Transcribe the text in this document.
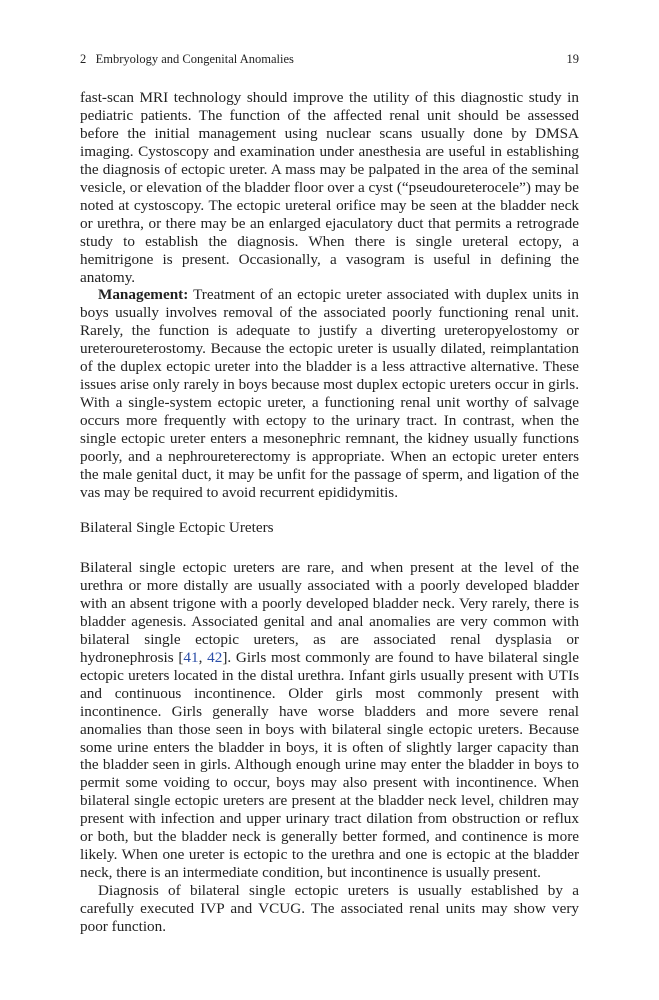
2   Embryology and Congenital Anomalies	19

fast-scan MRI technology should improve the utility of this diagnostic study in pediatric patients. The function of the affected renal unit should be assessed before the initial management using nuclear scans usually done by DMSA imaging. Cystoscopy and examination under anesthesia are useful in establishing the diagnosis of ectopic ureter. A mass may be palpated in the area of the seminal vesicle, or elevation of the bladder floor over a cyst (“pseudoureterocele”) may be noted at cystoscopy. The ectopic ureteral orifice may be seen at the bladder neck or urethra, or there may be an enlarged ejaculatory duct that permits a retrograde study to establish the diagnosis. When there is single ureteral ectopy, a hemitrigone is present. Occasionally, a vasogram is useful in defining the anatomy.

Management: Treatment of an ectopic ureter associated with duplex units in boys usually involves removal of the associated poorly functioning renal unit. Rarely, the function is adequate to justify a diverting ureteropyelostomy or ureteroureterostomy. Because the ectopic ureter is usually dilated, reimplantation of the duplex ectopic ureter into the bladder is a less attractive alternative. These issues arise only rarely in boys because most duplex ectopic ureters occur in girls. With a single-system ectopic ureter, a functioning renal unit worthy of salvage occurs more frequently with ectopy to the urinary tract. In contrast, when the single ectopic ureter enters a mesonephric remnant, the kidney usually functions poorly, and a nephroureterectomy is appropriate. When an ectopic ureter enters the male genital duct, it may be unfit for the passage of sperm, and ligation of the vas may be required to avoid recurrent epididymitis.

Bilateral Single Ectopic Ureters

Bilateral single ectopic ureters are rare, and when present at the level of the urethra or more distally are usually associated with a poorly developed bladder with an absent trigone with a poorly developed bladder neck. Very rarely, there is bladder agenesis. Associated genital and anal anomalies are very common with bilateral single ectopic ureters, as are associated renal dysplasia or hydronephrosis [41, 42]. Girls most commonly are found to have bilateral single ectopic ureters located in the distal urethra. Infant girls usually present with UTIs and continuous incontinence. Older girls most commonly present with incontinence. Girls generally have worse bladders and more severe renal anomalies than those seen in boys with bilateral single ectopic ureters. Because some urine enters the bladder in boys, it is often of slightly larger capacity than the bladder seen in girls. Although enough urine may enter the bladder in boys to permit some voiding to occur, boys may also present with incontinence. When bilateral single ectopic ureters are present at the bladder neck level, children may present with infection and upper urinary tract dilation from obstruction or reflux or both, but the bladder neck is generally better formed, and continence is more likely. When one ureter is ectopic to the urethra and one is ectopic at the bladder neck, there is an intermediate condition, but incontinence is usually present.

Diagnosis of bilateral single ectopic ureters is usually established by a carefully executed IVP and VCUG. The associated renal units may show very poor function.
